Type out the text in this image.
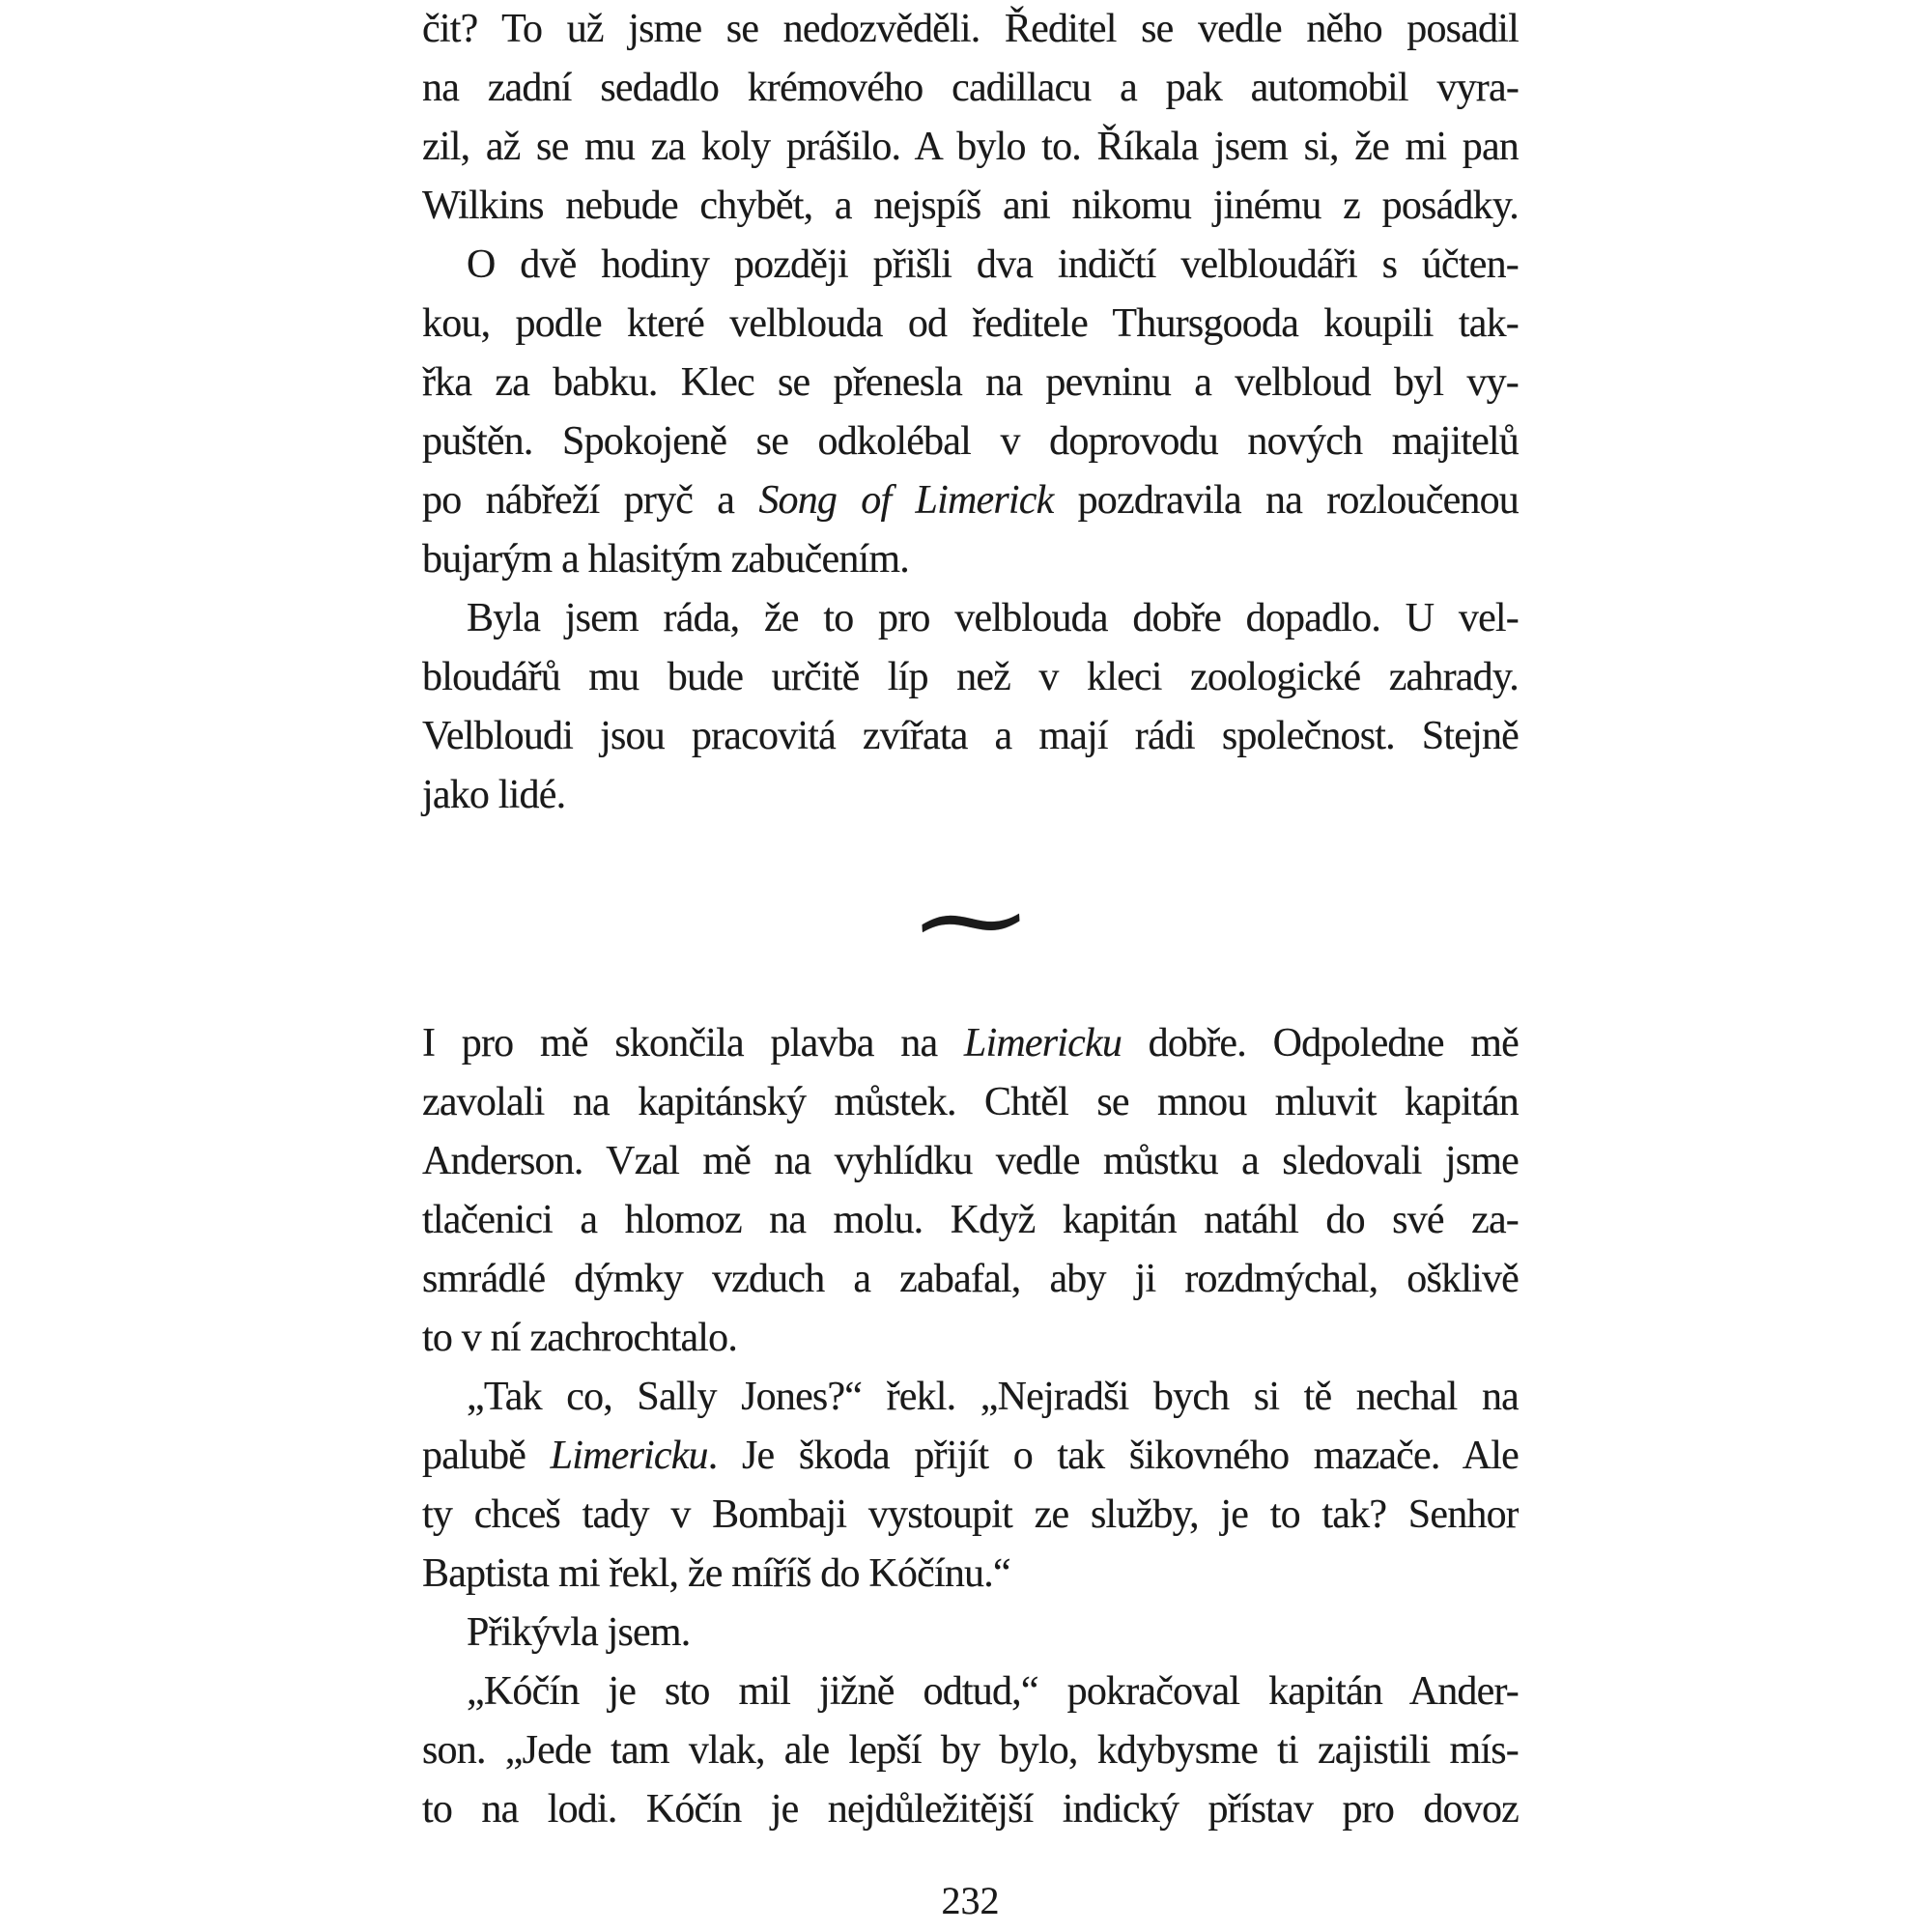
čit? To už jsme se nedozvěděli. Ředitel se vedle něho posadil
na zadní sedadlo krémového cadillacu a pak automobil vyra-
zil, až se mu za koly prášilo. A bylo to. Říkala jsem si, že mi pan
Wilkins nebude chybět, a nejspíš ani nikomu jinému z posádky.
O dvě hodiny později přišli dva indičtí velbloudáři s účten-
kou, podle které velblouda od ředitele Thursgooda koupili tak-
řka za babku. Klec se přenesla na pevninu a velbloud byl vy-
puštěn. Spokojeně se odkolébal v doprovodu nových majitelů
po nábřeží pryč a Song of Limerick pozdravila na rozloučenou
bujarým a hlasitým zabučením.
Byla jsem ráda, že to pro velblouda dobře dopadlo. U vel-
bloudářů mu bude určitě líp než v kleci zoologické zahrady.
Velbloudi jsou pracovitá zvířata a mají rádi společnost. Stejně
jako lidé.
~
I pro mě skončila plavba na Limericku dobře. Odpoledne mě
zavolali na kapitánský můstek. Chtěl se mnou mluvit kapitán
Anderson. Vzal mě na vyhlídku vedle můstku a sledovali jsme
tlačenici a hlomoz na molu. Když kapitán natáhl do své za-
smrádlé dýmky vzduch a zabafal, aby ji rozdmýchal, ošklivě
to v ní zachrochtalo.
„Tak co, Sally Jones?“ řekl. „Nejradši bych si tě nechal na
palubě Limericku. Je škoda přijít o tak šikovného mazače. Ale
ty chceš tady v Bombaji vystoupit ze služby, je to tak? Senhor
Baptista mi řekl, že míříš do Kóčínu.“
Přikývla jsem.
„Kóčín je sto mil jižně odtud,“ pokračoval kapitán Ander-
son. „Jede tam vlak, ale lepší by bylo, kdybysme ti zajistili mís-
to na lodi. Kóčín je nejdůležitější indický přístav pro dovoz
232
